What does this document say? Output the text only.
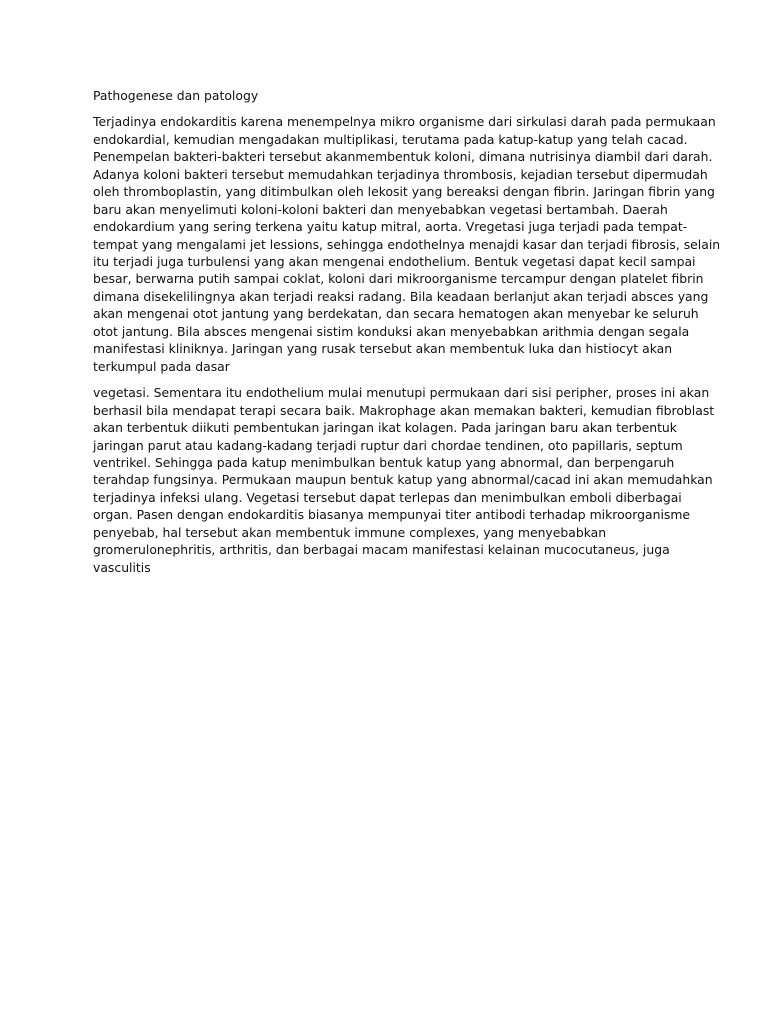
Pathogenese dan patology

Terjadinya endokarditis karena menempelnya mikro organisme dari sirkulasi darah pada permukaan
endokardial, kemudian mengadakan multiplikasi, terutama pada katup-katup yang telah cacad.
Penempelan bakteri-bakteri tersebut akanmembentuk koloni, dimana nutrisinya diambil dari darah.
Adanya koloni bakteri tersebut memudahkan terjadinya thrombosis, kejadian tersebut dipermudah
oleh thromboplastin, yang ditimbulkan oleh lekosit yang bereaksi dengan fibrin. Jaringan fibrin yang
baru akan menyelimuti koloni-koloni bakteri dan menyebabkan vegetasi bertambah. Daerah
endokardium yang sering terkena yaitu katup mitral, aorta. Vregetasi juga terjadi pada tempat-
tempat yang mengalami jet lessions, sehingga endothelnya menajdi kasar dan terjadi fibrosis, selain
itu terjadi juga turbulensi yang akan mengenai endothelium. Bentuk vegetasi dapat kecil sampai
besar, berwarna putih sampai coklat, koloni dari mikroorganisme tercampur dengan platelet fibrin
dimana disekelilingnya akan terjadi reaksi radang. Bila keadaan berlanjut akan terjadi absces yang
akan mengenai otot jantung yang berdekatan, dan secara hematogen akan menyebar ke seluruh
otot jantung. Bila absces mengenai sistim konduksi akan menyebabkan arithmia dengan segala
manifestasi kliniknya. Jaringan yang rusak tersebut akan membentuk luka dan histiocyt akan
terkumpul pada dasar

vegetasi. Sementara itu endothelium mulai menutupi permukaan dari sisi peripher, proses ini akan
berhasil bila mendapat terapi secara baik. Makrophage akan memakan bakteri, kemudian fibroblast
akan terbentuk diikuti pembentukan jaringan ikat kolagen. Pada jaringan baru akan terbentuk
jaringan parut atau kadang-kadang terjadi ruptur dari chordae tendinen, oto papillaris, septum
ventrikel. Sehingga pada katup menimbulkan bentuk katup yang abnormal, dan berpengaruh
terahdap fungsinya. Permukaan maupun bentuk katup yang abnormal/cacad ini akan memudahkan
terjadinya infeksi ulang. Vegetasi tersebut dapat terlepas dan menimbulkan emboli diberbagai
organ. Pasen dengan endokarditis biasanya mempunyai titer antibodi terhadap mikroorganisme
penyebab, hal tersebut akan membentuk immune complexes, yang menyebabkan
gromerulonephritis, arthritis, dan berbagai macam manifestasi kelainan mucocutaneus, juga
vasculitis
